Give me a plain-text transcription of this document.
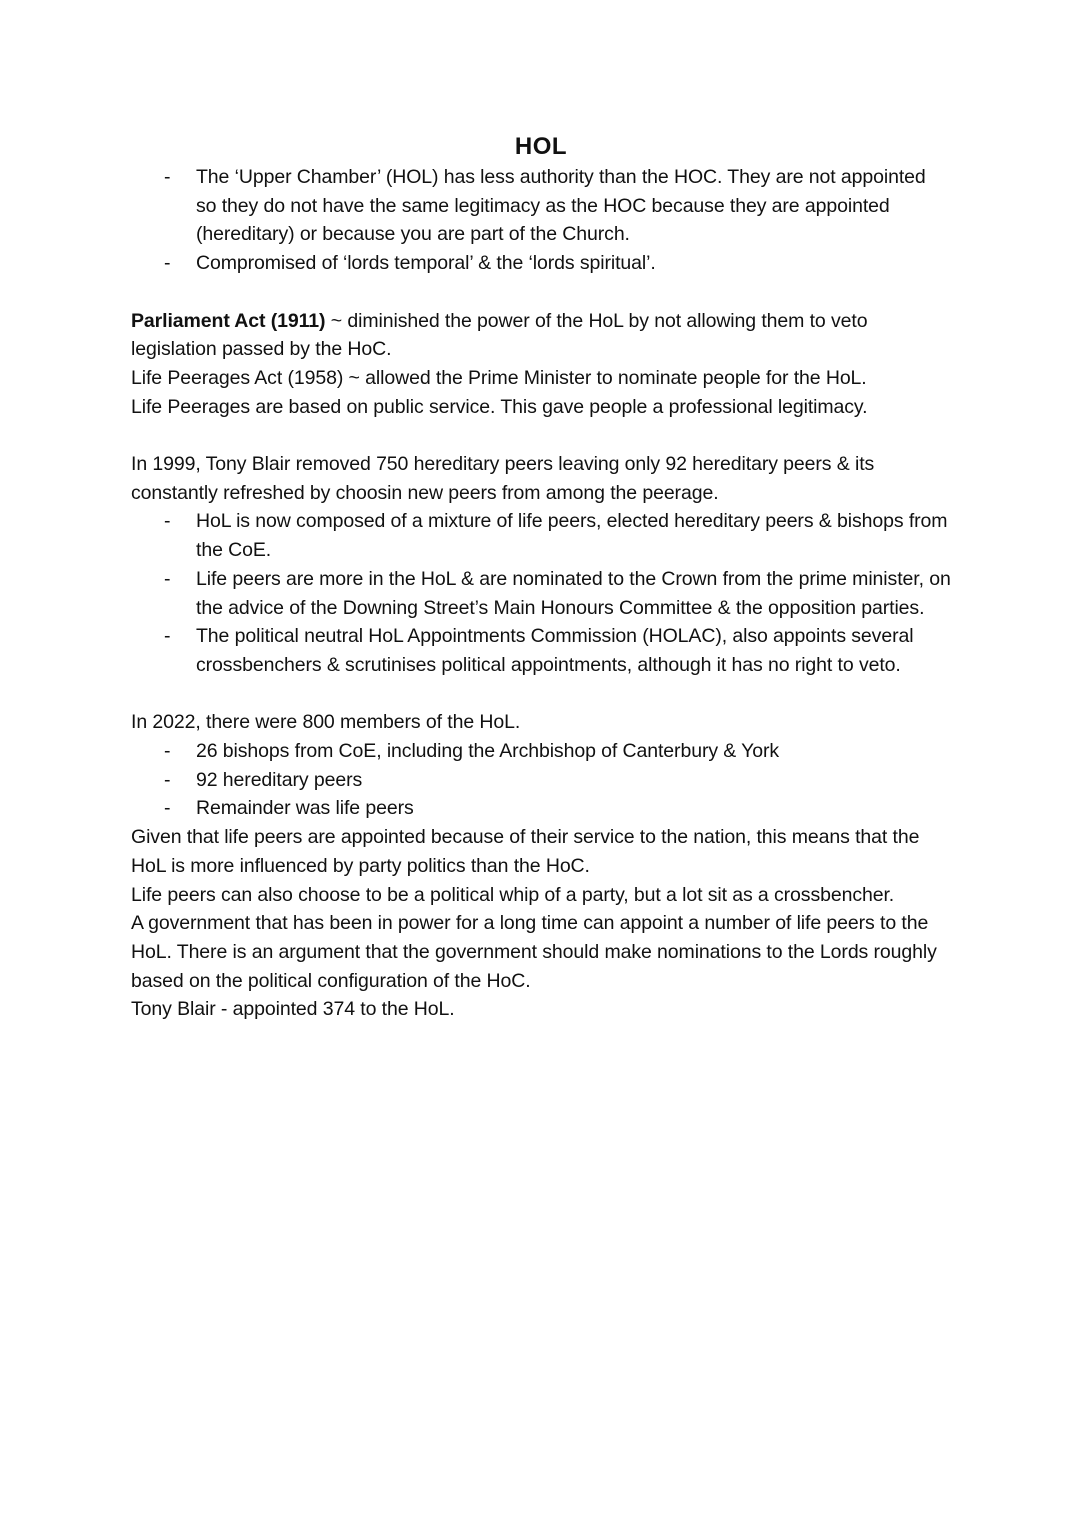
HOL
- The ‘Upper Chamber’ (HOL) has less authority than the HOC. They are not appointed so they do not have the same legitimacy as the HOC because they are appointed (hereditary) or because you are part of the Church.
- Compromised of ‘lords temporal’ & the ‘lords spiritual’.

Parliament Act (1911) ~ diminished the power of the HoL by not allowing them to veto legislation passed by the HoC.

Life Peerages Act (1958) ~ allowed the Prime Minister to nominate people for the HoL.

Life Peerages are based on public service. This gave people a professional legitimacy.

In 1999, Tony Blair removed 750 hereditary peers leaving only 92 hereditary peers & its constantly refreshed by choosin new peers from among the peerage.

- HoL is now composed of a mixture of life peers, elected hereditary peers & bishops from the CoE.
- Life peers are more in the HoL & are nominated to the Crown from the prime minister, on the advice of the Downing Street’s Main Honours Committee & the opposition parties.
- The political neutral HoL Appointments Commission (HOLAC), also appoints several crossbenchers & scrutinises political appointments, although it has no right to veto.

In 2022, there were 800 members of the HoL.

- 26 bishops from CoE, including the Archbishop of Canterbury & York
- 92 hereditary peers
- Remainder was life peers

Given that life peers are appointed because of their service to the nation, this means that the HoL is more influenced by party politics than the HoC.

Life peers can also choose to be a political whip of a party, but a lot sit as a crossbencher.

A government that has been in power for a long time can appoint a number of life peers to the HoL. There is an argument that the government should make nominations to the Lords roughly based on the political configuration of the HoC.

Tony Blair - appointed 374 to the HoL.
